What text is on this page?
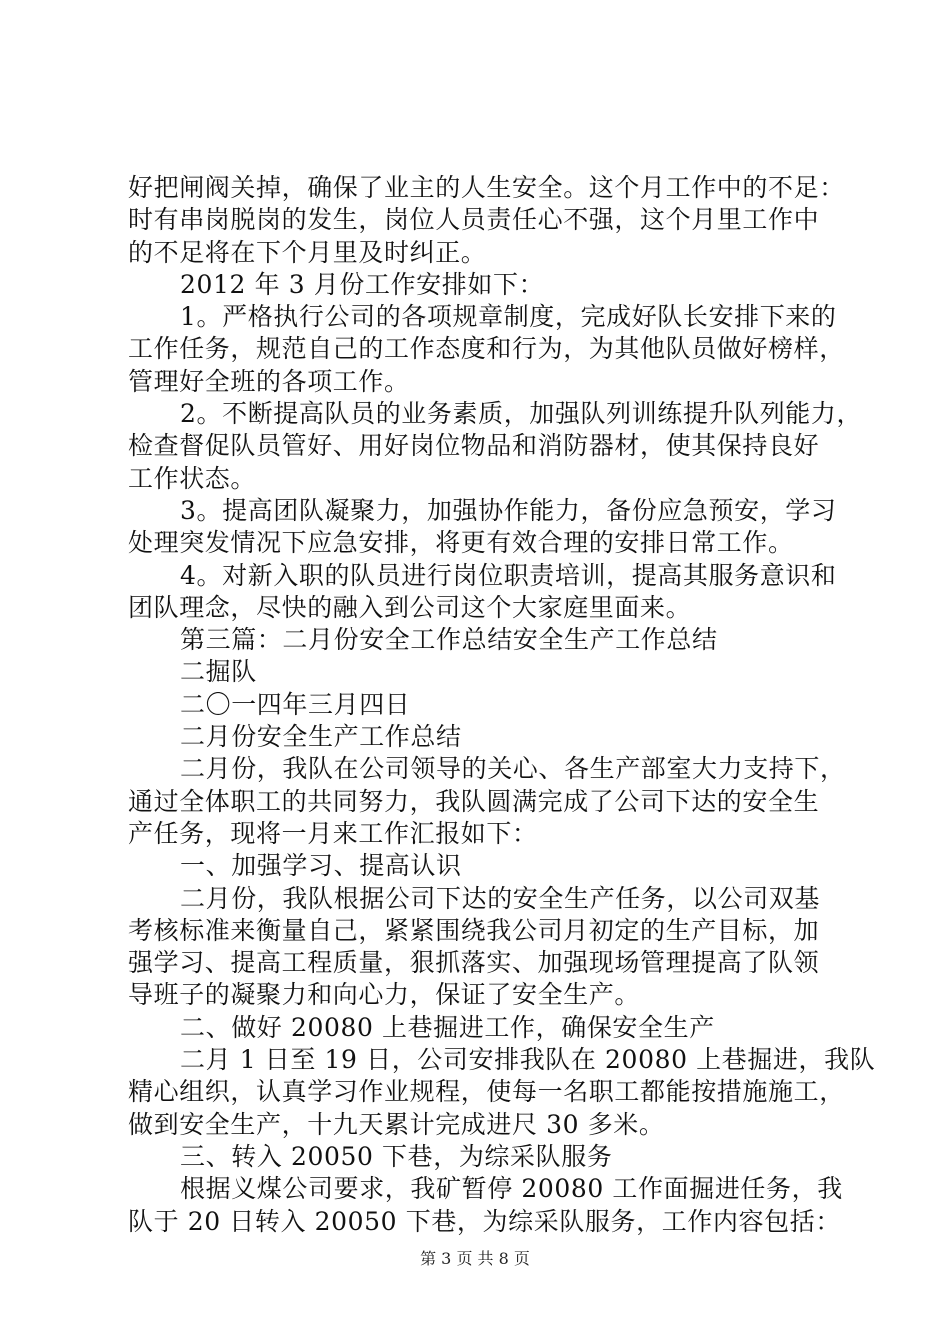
好把闸阀关掉，确保了业主的人生安全。这个月工作中的不足：
时有串岗脱岗的发生，岗位人员责任心不强，这个月里工作中
的不足将在下个月里及时纠正。
2012 年 3 月份工作安排如下：
1。严格执行公司的各项规章制度，完成好队长安排下来的
工作任务，规范自己的工作态度和行为，为其他队员做好榜样，
管理好全班的各项工作。
2。不断提高队员的业务素质，加强队列训练提升队列能力，
检查督促队员管好、用好岗位物品和消防器材，使其保持良好
工作状态。
3。提高团队凝聚力，加强协作能力，备份应急预安，学习
处理突发情况下应急安排，将更有效合理的安排日常工作。
4。对新入职的队员进行岗位职责培训，提高其服务意识和
团队理念，尽快的融入到公司这个大家庭里面来。
第三篇：二月份安全工作总结安全生产工作总结
二掘队
二〇一四年三月四日
二月份安全生产工作总结
二月份，我队在公司领导的关心、各生产部室大力支持下，
通过全体职工的共同努力，我队圆满完成了公司下达的安全生
产任务，现将一月来工作汇报如下：
一、加强学习、提高认识
二月份，我队根据公司下达的安全生产任务，以公司双基
考核标准来衡量自己，紧紧围绕我公司月初定的生产目标，加
强学习、提高工程质量，狠抓落实、加强现场管理提高了队领
导班子的凝聚力和向心力，保证了安全生产。
二、做好 20080 上巷掘进工作，确保安全生产
二月 1 日至 19 日，公司安排我队在 20080 上巷掘进，我队
精心组织，认真学习作业规程，使每一名职工都能按措施施工，
做到安全生产，十九天累计完成进尺 30 多米。
三、转入 20050 下巷，为综采队服务
根据义煤公司要求，我矿暂停 20080 工作面掘进任务，我
队于 20 日转入 20050 下巷，为综采队服务，工作内容包括：
第 3 页 共 8 页
